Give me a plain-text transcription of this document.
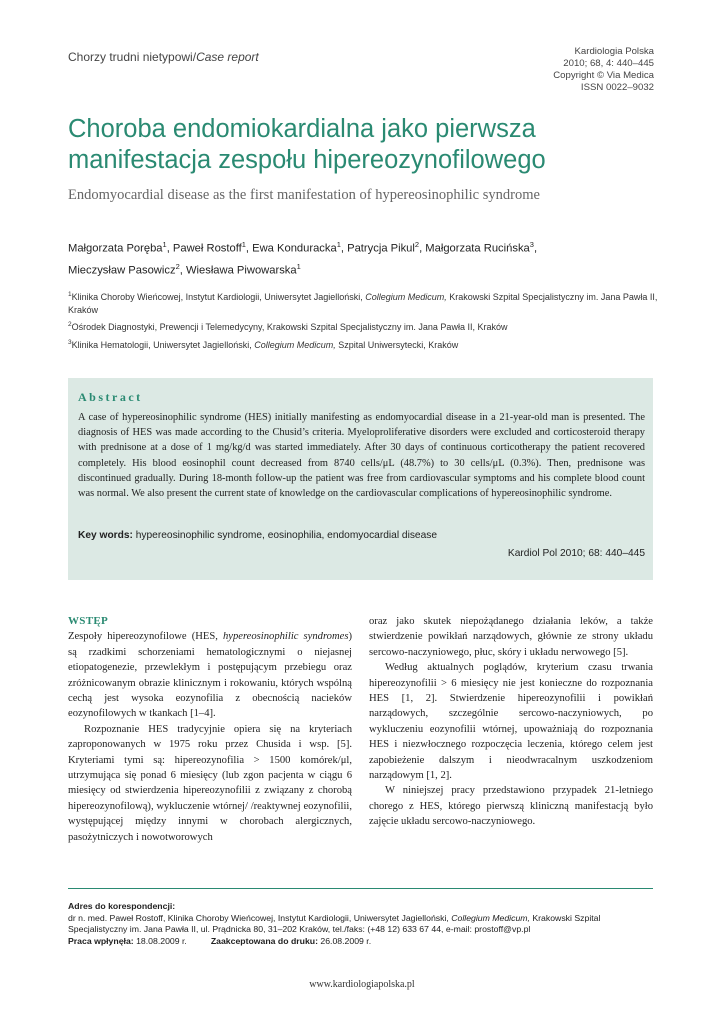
Chorzy trudni nietypowi/Case report	Kardiologia Polska
2010; 68, 4: 440–445
Copyright © Via Medica
ISSN 0022–9032
Choroba endomiokardialna jako pierwsza
manifestacja zespołu hipereozynofilowego
Endomyocardial disease as the first manifestation of hypereosinophilic syndrome
Małgorzata Poręba$^1$, Paweł Rostoff$^1$, Ewa Konduracka$^1$, Patrycja Pikul$^2$, Małgorzata Rucińska$^3$,
Mieczysław Pasowicz$^2$, Wiesława Piwowarska$^1$

$^1$Klinika Choroby Wieńcowej, Instytut Kardiologii, Uniwersytet Jagielloński, Collegium Medicum, Krakowski Szpital Specjalistyczny im. Jana Pawła II, Kraków

$^2$Ośrodek Diagnostyki, Prewencji i Telemedycyny, Krakowski Szpital Specjalistyczny im. Jana Pawła II, Kraków

$^3$Klinika Hematologii, Uniwersytet Jagielloński, Collegium Medicum, Szpital Uniwersytecki, Kraków

Abstract
A case of hypereosinophilic syndrome (HES) initially manifesting as endomyocardial disease in a 21-year-old man is presented. The diagnosis of HES was made according to the Chusid’s criteria. Myeloproliferative disorders were excluded and corticosteroid therapy with prednisone at a dose of 1 mg/kg/d was started immediately. After 30 days of continuous corticotherapy the patient recovered completely. His blood eosinophil count decreased from 8740 cells/μL (48.7%) to 30 cells/μL (0.3%). Then, prednisone was discontinued gradually. During 18-month follow-up the patient was free from cardiovascular symptoms and his complete blood count was normal. We also present the current state of knowledge on the cardiovascular complications of hypereosinophilic syndrome.
Key words: hypereosinophilic syndrome, eosinophilia, endomyocardial disease
Kardiol Pol 2010; 68: 440–445

WSTĘP

Zespoły hipereozynofilowe (HES, hypereosinophilic syndromes) są rzadkimi schorzeniami hematologicznymi o niejasnej etiopatogenezie, przewlekłym i postępującym przebiegu oraz zróżnicowanym obrazie klinicznym i rokowaniu, których wspólną cechą jest wysoka eozynofilia z obecnością nacieków eozynofilowych w tkankach [1–4].

Rozpoznanie HES tradycyjnie opiera się na kryteriach zaproponowanych w 1975 roku przez Chusida i wsp. [5]. Kryteriami tymi są: hipereozynofilia > 1500 komórek/μl, utrzymująca się ponad 6 miesięcy (lub zgon pacjenta w ciągu 6 miesięcy od stwierdzenia hipereozynofilii z związany z chorobą hipereozynofilową), wykluczenie wtórnej/ /reaktywnej eozynofilii, występującej między innymi w chorobach alergicznych, pasożytniczych i nowotworowych

oraz jako skutek niepożądanego działania leków, a także stwierdzenie powikłań narządowych, głównie ze strony układu sercowo-naczyniowego, płuc, skóry i układu nerwowego [5].

Według aktualnych poglądów, kryterium czasu trwania hipereozynofilii > 6 miesięcy nie jest konieczne do rozpoznania HES [1, 2]. Stwierdzenie hipereozynofilii i powikłań narządowych, szczególnie sercowo-naczyniowych, po wykluczeniu eozynofilii wtórnej, upoważniają do rozpoznania HES i niezwłocznego rozpoczęcia leczenia, którego celem jest zapobieżenie dalszym i nieodwracalnym uszkodzeniom narządowym [1, 2].

W niniejszej pracy przedstawiono przypadek 21-letniego chorego z HES, którego pierwszą kliniczną manifestacją było zajęcie układu sercowo-naczyniowego.

Adres do korespondencji:
dr n. med. Paweł Rostoff, Klinika Choroby Wieńcowej, Instytut Kardiologii, Uniwersytet Jagielloński, Collegium Medicum, Krakowski Szpital Specjalistyczny im. Jana Pawła II, ul. Prądnicka 80, 31–202 Kraków, tel./faks: (+48 12) 633 67 44, e-mail: prostoff@vp.pl
Praca wpłynęła: 18.08.2009 r.	Zaakceptowana do druku: 26.08.2009 r.
www.kardiologiapolska.pl
